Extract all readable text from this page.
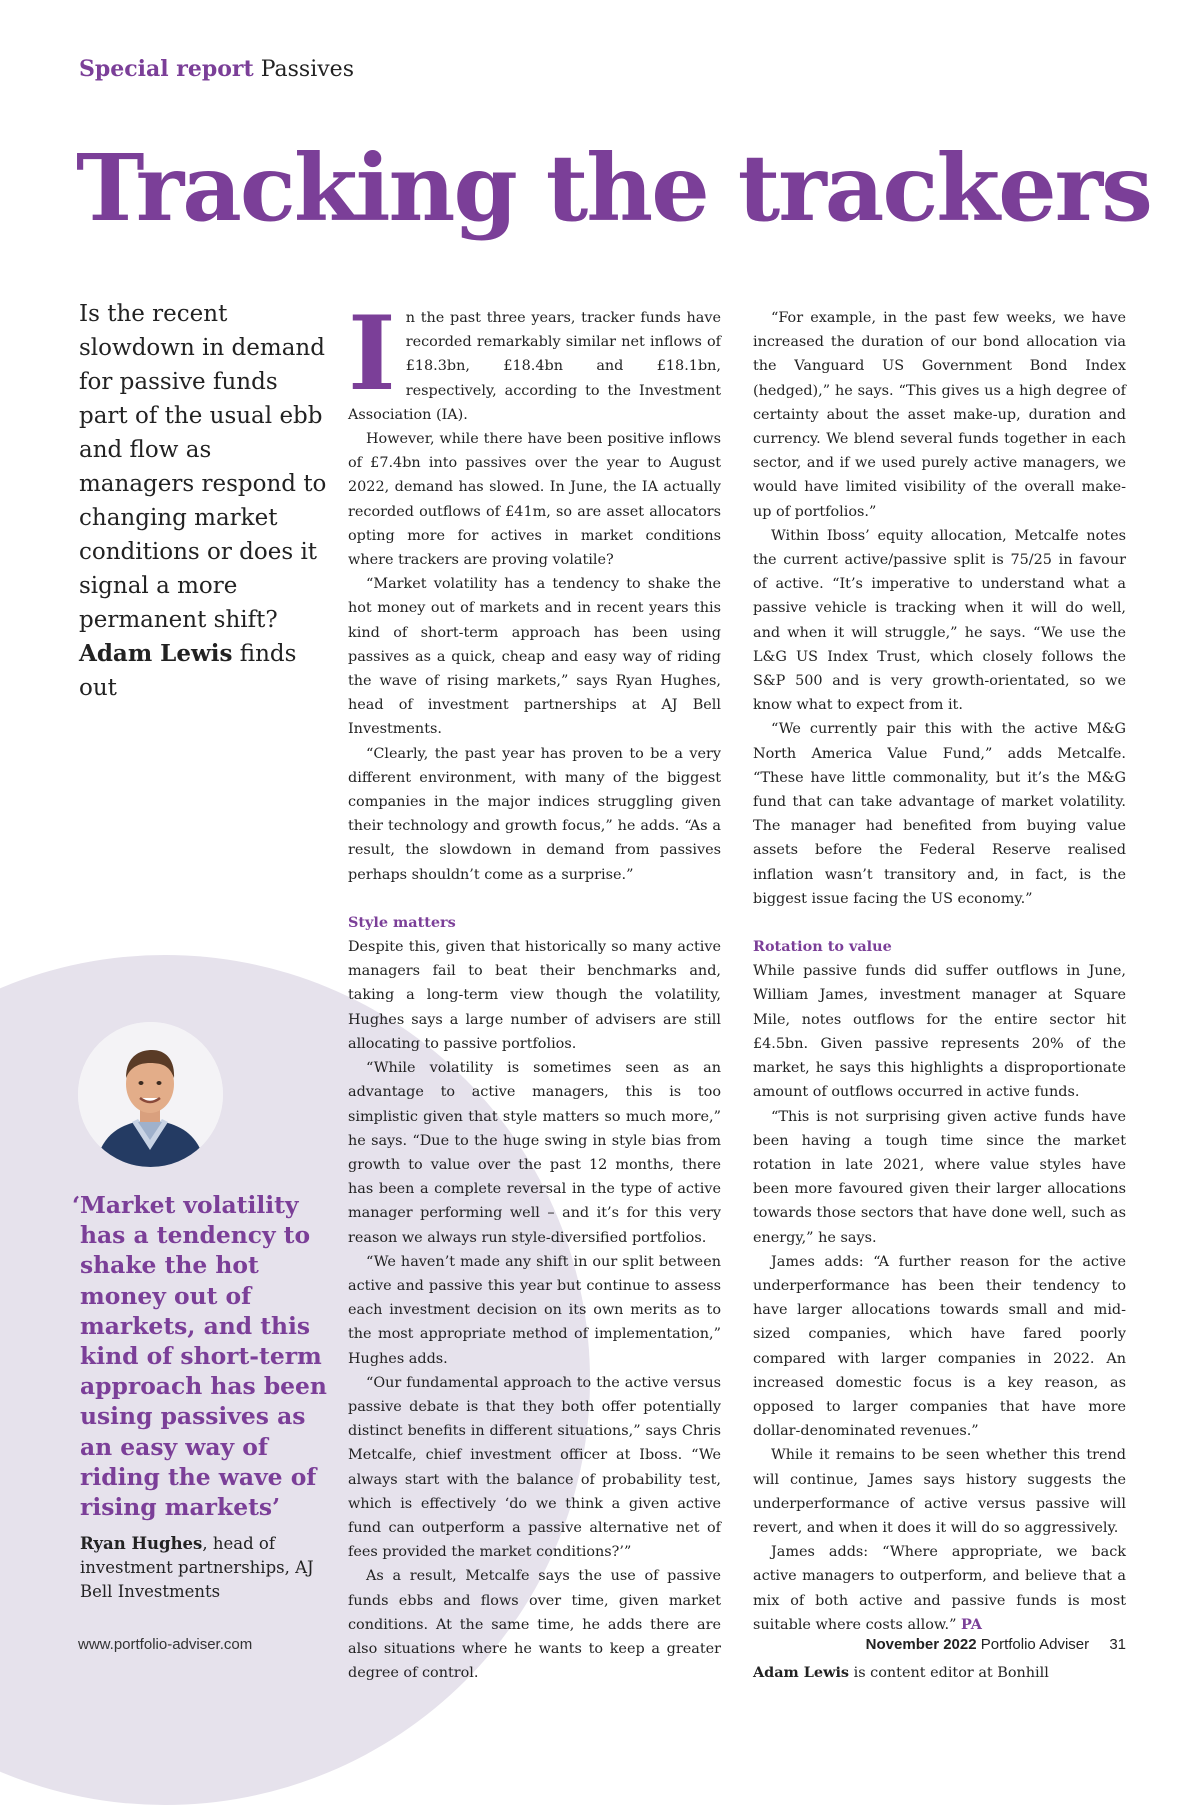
Special report Passives
Tracking the trackers
Is the recent slowdown in demand for passive funds part of the usual ebb and flow as managers respond to changing market conditions or does it signal a more permanent shift? Adam Lewis finds out

In the past three years, tracker funds have recorded remarkably similar net inflows of £18.3bn, £18.4bn and £18.1bn, respectively, according to the Investment Association (IA).

However, while there have been positive inflows of £7.4bn into passives over the year to August 2022, demand has slowed. In June, the IA actually recorded outflows of £41m, so are asset allocators opting more for actives in market conditions where trackers are proving volatile?

“Market volatility has a tendency to shake the hot money out of markets and in recent years this kind of short-term approach has been using passives as a quick, cheap and easy way of riding the wave of rising markets,” says Ryan Hughes, head of investment partnerships at AJ Bell Investments.

“Clearly, the past year has proven to be a very different environment, with many of the biggest companies in the major indices struggling given their technology and growth focus,” he adds. “As a result, the slowdown in demand from passives perhaps shouldn’t come as a surprise.”

Style matters

Despite this, given that historically so many active managers fail to beat their benchmarks and, taking a long-term view though the volatility, Hughes says a large number of advisers are still allocating to passive portfolios.

“While volatility is sometimes seen as an advantage to active managers, this is too simplistic given that style matters so much more,” he says. “Due to the huge swing in style bias from growth to value over the past 12 months, there has been a complete reversal in the type of active manager performing well – and it’s for this very reason we always run style-diversified portfolios.

“We haven’t made any shift in our split between active and passive this year but continue to assess each investment decision on its own merits as to the most appropriate method of implementation,” Hughes adds.

“Our fundamental approach to the active versus passive debate is that they both offer potentially distinct benefits in different situations,” says Chris Metcalfe, chief investment officer at Iboss. “We always start with the balance of probability test, which is effectively ‘do we think a given active fund can outperform a passive alternative net of fees provided the market conditions?’”

As a result, Metcalfe says the use of passive funds ebbs and flows over time, given market conditions. At the same time, he adds there are also situations where he wants to keep a greater degree of control.

“For example, in the past few weeks, we have increased the duration of our bond allocation via the Vanguard US Government Bond Index (hedged),” he says. “This gives us a high degree of certainty about the asset make-up, duration and currency. We blend several funds together in each sector, and if we used purely active managers, we would have limited visibility of the overall make-up of portfolios.”

Within Iboss’ equity allocation, Metcalfe notes the current active/passive split is 75/25 in favour of active. “It’s imperative to understand what a passive vehicle is tracking when it will do well, and when it will struggle,” he says. “We use the L&G US Index Trust, which closely follows the S&P 500 and is very growth-orientated, so we know what to expect from it.

“We currently pair this with the active M&G North America Value Fund,” adds Metcalfe. “These have little commonality, but it’s the M&G fund that can take advantage of market volatility. The manager had benefited from buying value assets before the Federal Reserve realised inflation wasn’t transitory and, in fact, is the biggest issue facing the US economy.”

Rotation to value

While passive funds did suffer outflows in June, William James, investment manager at Square Mile, notes outflows for the entire sector hit £4.5bn. Given passive represents 20% of the market, he says this highlights a disproportionate amount of outflows occurred in active funds.

“This is not surprising given active funds have been having a tough time since the market rotation in late 2021, where value styles have been more favoured given their larger allocations towards those sectors that have done well, such as energy,” he says.

James adds: “A further reason for the active underperformance has been their tendency to have larger allocations towards small and mid-sized companies, which have fared poorly compared with larger companies in 2022. An increased domestic focus is a key reason, as opposed to larger companies that have more dollar-denominated revenues.”

While it remains to be seen whether this trend will continue, James says history suggests the underperformance of active versus passive will revert, and when it does it will do so aggressively.

James adds: “Where appropriate, we back active managers to outperform, and believe that a mix of both active and passive funds is most suitable where costs allow.” PA

Adam Lewis is content editor at Bonhill

‘ Market volatility has a tendency to shake the hot money out of markets, and this kind of short-term approach has been using passives as an easy way of riding the wave of rising markets’
Ryan Hughes, head of investment partnerships, AJ Bell Investments
www.portfolio-adviser.com	November 2022 Portfolio Adviser 31
